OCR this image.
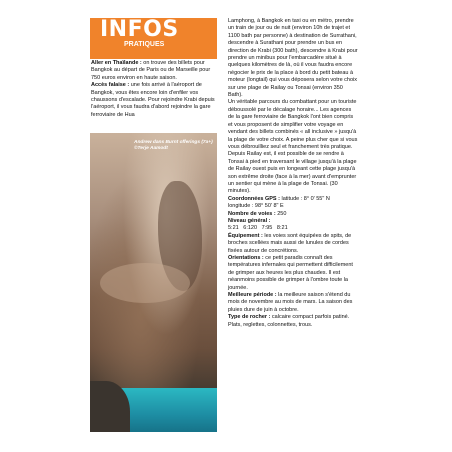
INFOS
PRATIQUES

Aller en Thaïlande : on trouve des billets pour Bangkok au départ de Paris ou de Marseille pour 750 euros environ en haute saison.

Accès falaise : une fois arrivé à l'aéroport de Bangkok, vous êtes encore loin d'enfiler vos chaussons d'escalade. Pour rejoindre Krabi depuis l'aéroport, il vous faudra d'abord rejoindre la gare ferroviaire de Hua

Andrew dans Burnt offerings (7a+) ©Terje Aamodt

Lamphong, à Bangkok en taxi ou en métro, prendre un train de jour ou de nuit (environ 10h de trajet et 1100 bath par personne) à destination de Surrathani, descendre à Surathani pour prendre un bus en direction de Krabi (300 bath), descendre à Krabi pour prendre un minibus pour l'embarcadère situé à quelques kilomètres de là, où il vous faudra encore négocier le prix de la place à bord du petit bateau à moteur (longtail) qui vous déposera selon votre choix sur une plage de Railay ou Tonsai (environ 350 Bath).

Un véritable parcours du combattant pour un touriste déboussolé par le décalage horaire... Les agences de la gare ferroviaire de Bangkok l'ont bien compris et vous proposent de simplifier votre voyage en vendant des billets combinés « all inclusive » jusqu'à la plage de votre choix. A peine plus cher que si vous vous débrouilliez seul et franchement très pratique.

Depuis Railay est, il est possible de se rendre à Tonsai à pied en traversant le village jusqu'à la plage de Railay ouest puis en longeant cette plage jusqu'à son extrême droite (face à la mer) avant d'emprunter un sentier qui mène à la plage de Tonsai. (30 minutes).

Coordonnées GPS : latitude : 8° 0' 55" N
longitude : 98° 50' 8" E

Nombre de voies : 250

Niveau général :
5:21   6:120   7:95   8:21

Équipement : les voies sont équipées de spits, de broches scellées mais aussi de lunules de cordes fixées autour de concrétions.

Orientations : ce petit paradis connaît des températures infernales qui permettent difficilement de grimper aux heures les plus chaudes. Il est néanmoins possible de grimper à l'ombre toute la journée.

Meilleure période : la meilleure saison s'étend du mois de novembre au mois de mars. La saison des pluies dure de juin à octobre.

Type de rocher : calcaire compact parfois patiné. Plats, reglettes, colonnettes, trous.
